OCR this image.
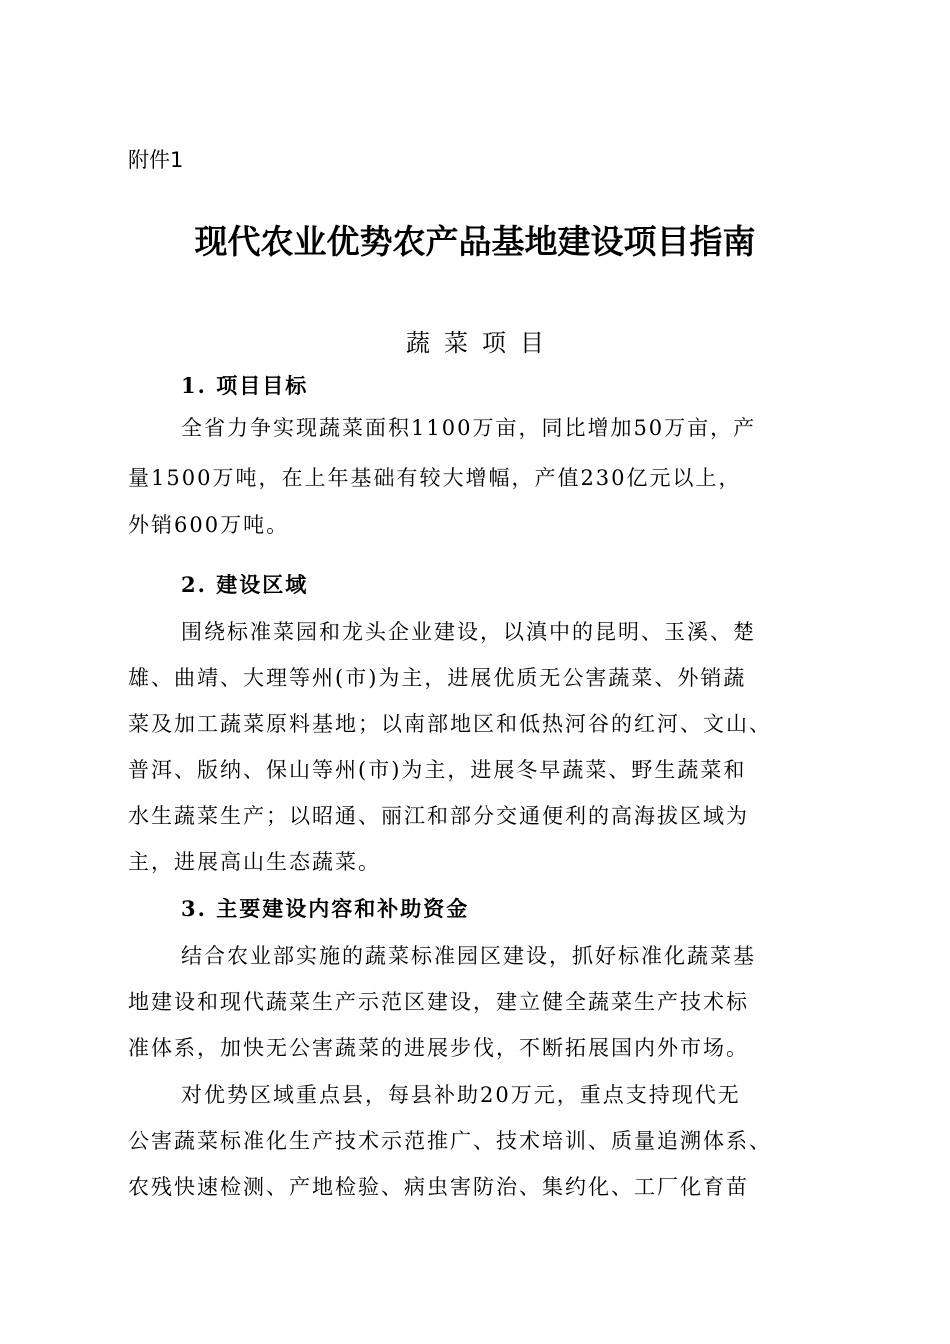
附件1
现代农业优势农产品基地建设项目指南
蔬菜项目
1. 项目目标
全省力争实现蔬菜面积1100万亩，同比增加50万亩，产
量1500万吨，在上年基础有较大增幅，产值230亿元以上，
外销600万吨。
2. 建设区域
围绕标准菜园和龙头企业建设，以滇中的昆明、玉溪、楚
雄、曲靖、大理等州(市)为主，进展优质无公害蔬菜、外销蔬
菜及加工蔬菜原料基地；以南部地区和低热河谷的红河、文山、
普洱、版纳、保山等州(市)为主，进展冬早蔬菜、野生蔬菜和
水生蔬菜生产；以昭通、丽江和部分交通便利的高海拔区域为
主，进展高山生态蔬菜。
3. 主要建设内容和补助资金
结合农业部实施的蔬菜标准园区建设，抓好标准化蔬菜基
地建设和现代蔬菜生产示范区建设，建立健全蔬菜生产技术标
准体系，加快无公害蔬菜的进展步伐，不断拓展国内外市场。
对优势区域重点县，每县补助20万元，重点支持现代无
公害蔬菜标准化生产技术示范推广、技术培训、质量追溯体系、
农残快速检测、产地检验、病虫害防治、集约化、工厂化育苗
